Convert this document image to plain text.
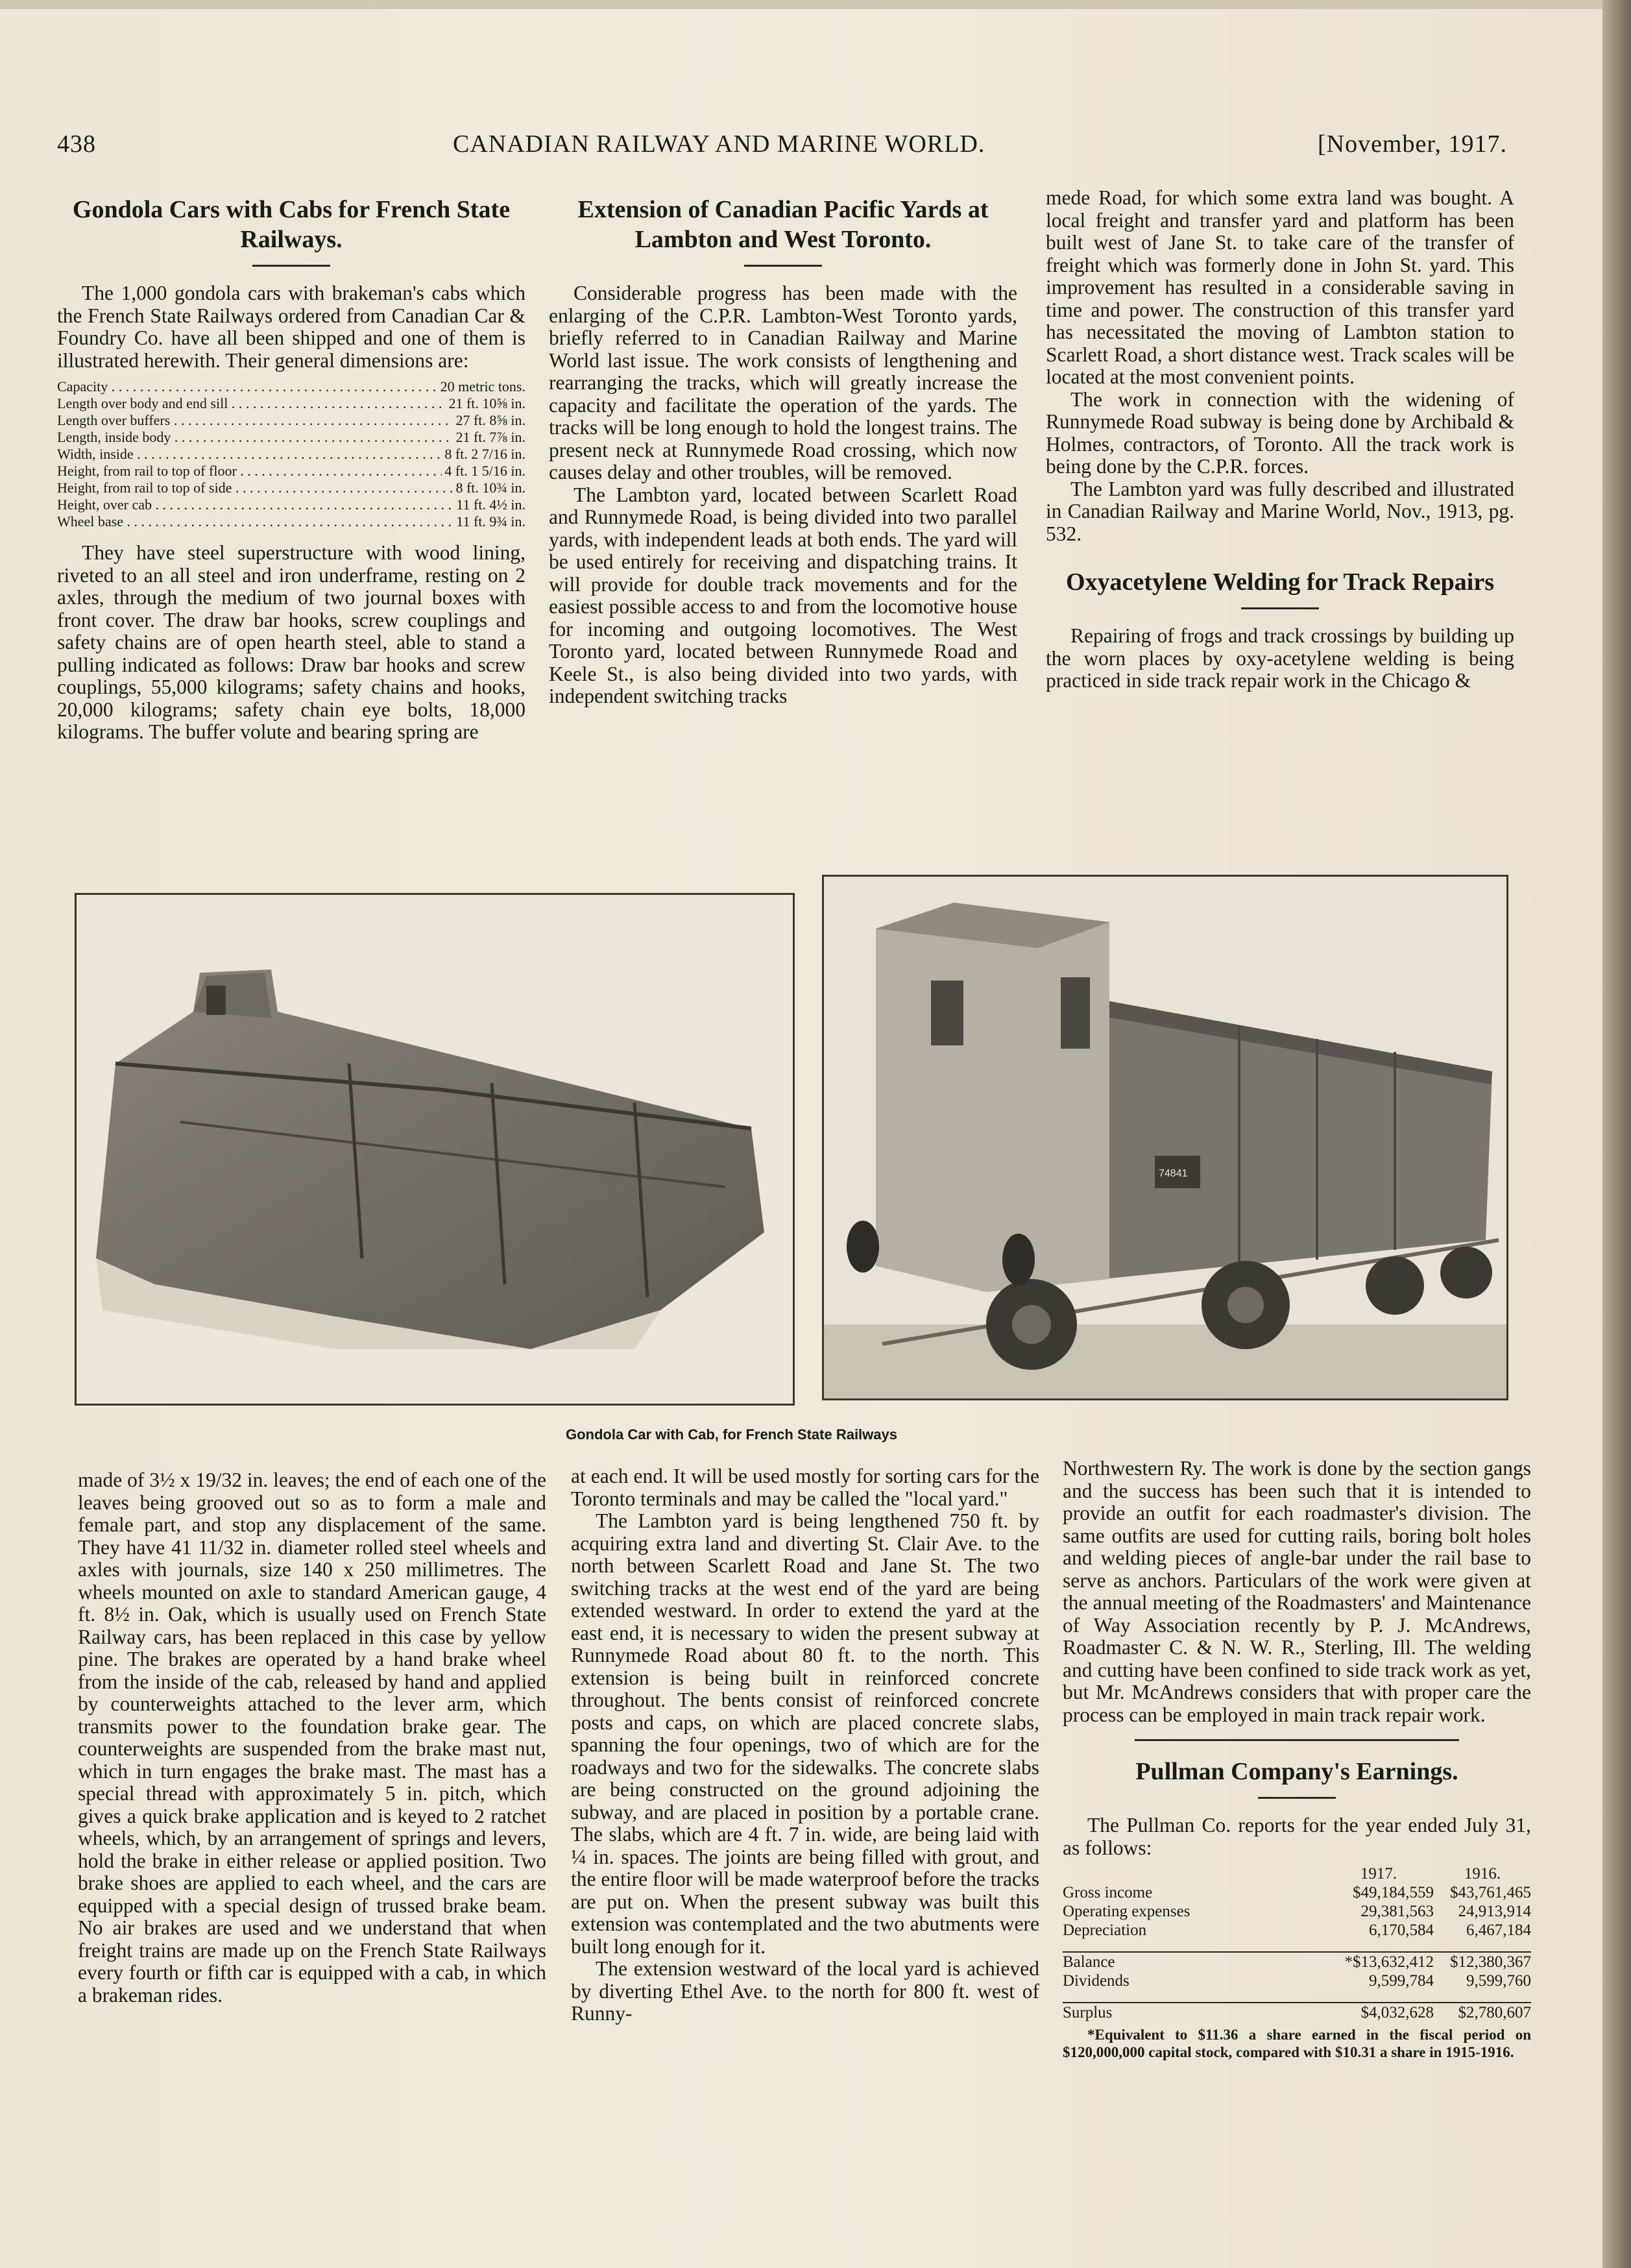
438	CANADIAN RAILWAY AND MARINE WORLD.	[November, 1917.
Gondola Cars with Cabs for French State Railways.

The 1,000 gondola cars with brakeman's cabs which the French State Railways ordered from Canadian Car & Foundry Co. have all been shipped and one of them is illustrated herewith. Their general dimensions are:

Capacity . . .	20 metric tons.
Length over body and end sill . . .	21 ft. 10⅝ in.
Length over buffers . . .	27 ft. 8⅝ in.
Length, inside body . . .	21 ft. 7⅞ in.
Width, inside . . .	8 ft. 2 7/16 in.
Height, from rail to top of floor . . .	4 ft. 1 5/16 in.
Height, from rail to top of side . . .	8 ft. 10¾ in.
Height, over cab . . .	11 ft. 4½ in.
Wheel base . . .	11 ft. 9¾ in.

They have steel superstructure with wood lining, riveted to an all steel and iron underframe, resting on 2 axles, through the medium of two journal boxes with front cover. The draw bar hooks, screw couplings and safety chains are of open hearth steel, able to stand a pulling indicated as follows: Draw bar hooks and screw couplings, 55,000 kilograms; safety chains and hooks, 20,000 kilograms; safety chain eye bolts, 18,000 kilograms. The buffer volute and bearing spring are

Extension of Canadian Pacific Yards at Lambton and West Toronto.

Considerable progress has been made with the enlarging of the C.P.R. Lambton-West Toronto yards, briefly referred to in Canadian Railway and Marine World last issue. The work consists of lengthening and rearranging the tracks, which will greatly increase the capacity and facilitate the operation of the yards. The tracks will be long enough to hold the longest trains. The present neck at Runnymede Road crossing, which now causes delay and other troubles, will be removed.

The Lambton yard, located between Scarlett Road and Runnymede Road, is being divided into two parallel yards, with independent leads at both ends. The yard will be used entirely for receiving and dispatching trains. It will provide for double track movements and for the easiest possible access to and from the locomotive house for incoming and outgoing locomotives. The West Toronto yard, located between Runnymede Road and Keele St., is also being divided into two yards, with independent switching tracks

mede Road, for which some extra land was bought. A local freight and transfer yard and platform has been built west of Jane St. to take care of the transfer of freight which was formerly done in John St. yard. This improvement has resulted in a considerable saving in time and power. The construction of this transfer yard has necessitated the moving of Lambton station to Scarlett Road, a short distance west. Track scales will be located at the most convenient points.

The work in connection with the widening of Runnymede Road subway is being done by Archibald & Holmes, contractors, of Toronto. All the track work is being done by the C.P.R. forces.

The Lambton yard was fully described and illustrated in Canadian Railway and Marine World, Nov., 1913, pg. 532.

Oxyacetylene Welding for Track Repairs

Repairing of frogs and track crossings by building up the worn places by oxy-acetylene welding is being practiced in side track repair work in the Chicago &

74841
Gondola Car with Cab, for French State Railways

made of 3½ x 19/32 in. leaves; the end of each one of the leaves being grooved out so as to form a male and female part, and stop any displacement of the same. They have 41 11/32 in. diameter rolled steel wheels and axles with journals, size 140 x 250 millimetres. The wheels mounted on axle to standard American gauge, 4 ft. 8½ in. Oak, which is usually used on French State Railway cars, has been replaced in this case by yellow pine. The brakes are operated by a hand brake wheel from the inside of the cab, released by hand and applied by counterweights attached to the lever arm, which transmits power to the foundation brake gear. The counterweights are suspended from the brake mast nut, which in turn engages the brake mast. The mast has a special thread with approximately 5 in. pitch, which gives a quick brake application and is keyed to 2 ratchet wheels, which, by an arrangement of springs and levers, hold the brake in either release or applied position. Two brake shoes are applied to each wheel, and the cars are equipped with a special design of trussed brake beam. No air brakes are used and we understand that when freight trains are made up on the French State Railways every fourth or fifth car is equipped with a cab, in which a brakeman rides.

at each end. It will be used mostly for sorting cars for the Toronto terminals and may be called the "local yard."

The Lambton yard is being lengthened 750 ft. by acquiring extra land and diverting St. Clair Ave. to the north between Scarlett Road and Jane St. The two switching tracks at the west end of the yard are being extended westward. In order to extend the yard at the east end, it is necessary to widen the present subway at Runnymede Road about 80 ft. to the north. This extension is being built in reinforced concrete throughout. The bents consist of reinforced concrete posts and caps, on which are placed concrete slabs, spanning the four openings, two of which are for the roadways and two for the sidewalks. The concrete slabs are being constructed on the ground adjoining the subway, and are placed in position by a portable crane. The slabs, which are 4 ft. 7 in. wide, are being laid with ¼ in. spaces. The joints are being filled with grout, and the entire floor will be made waterproof before the tracks are put on. When the present subway was built this extension was contemplated and the two abutments were built long enough for it.

The extension westward of the local yard is achieved by diverting Ethel Ave. to the north for 800 ft. west of Runny-

Northwestern Ry. The work is done by the section gangs and the success has been such that it is intended to provide an outfit for each roadmaster's division. The same outfits are used for cutting rails, boring bolt holes and welding pieces of angle-bar under the rail base to serve as anchors. Particulars of the work were given at the annual meeting of the Roadmasters' and Maintenance of Way Association recently by P. J. McAndrews, Roadmaster C. & N. W. R., Sterling, Ill. The welding and cutting have been confined to side track work as yet, but Mr. McAndrews considers that with proper care the process can be employed in main track repair work.

Pullman Company's Earnings.

The Pullman Co. reports for the year ended July 31, as follows:

1917.	1916.
Gross income	$49,184,559	$43,761,465
Operating expenses	29,381,563	24,913,914
Depreciation	6,170,584	6,467,184
Balance	*$13,632,412	$12,380,367
Dividends	9,599,784	9,599,760
Surplus	$4,032,628	$2,780,607

*Equivalent to $11.36 a share earned in the fiscal period on $120,000,000 capital stock, compared with $10.31 a share in 1915-1916.
